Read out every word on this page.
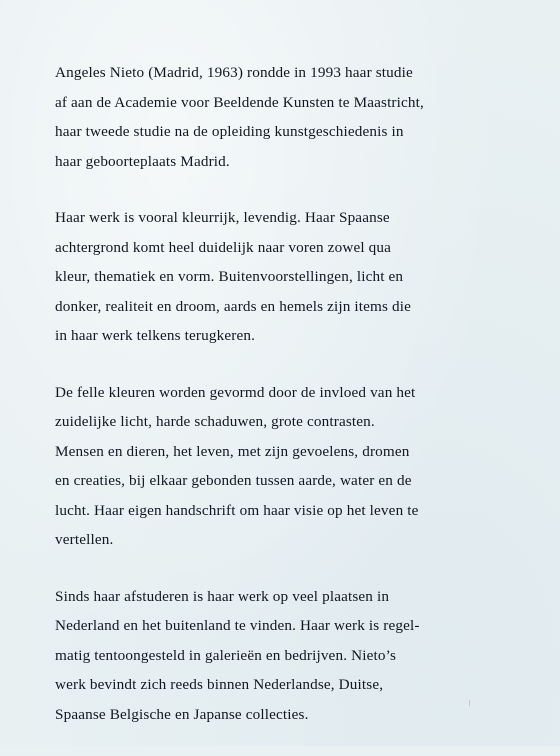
Angeles Nieto (Madrid, 1963) rondde in 1993 haar studie
af aan de Academie voor Beeldende Kunsten te Maastricht,
haar tweede studie na de opleiding kunstgeschiedenis in
haar geboorteplaats Madrid.

Haar werk is vooral kleurrijk, levendig. Haar Spaanse
achtergrond komt heel duidelijk naar voren zowel qua
kleur, thematiek en vorm. Buitenvoorstellingen, licht en
donker, realiteit en droom, aards en hemels zijn items die
in haar werk telkens terugkeren.

De felle kleuren worden gevormd door de invloed van het
zuidelijke licht, harde schaduwen, grote contrasten.
Mensen en dieren, het leven, met zijn gevoelens, dromen
en creaties, bij elkaar gebonden tussen aarde, water en de
lucht. Haar eigen handschrift om haar visie op het leven te
vertellen.

Sinds haar afstuderen is haar werk op veel plaatsen in
Nederland en het buitenland te vinden. Haar werk is regel-
matig tentoongesteld in galerieën en bedrijven. Nieto’s
werk bevindt zich reeds binnen Nederlandse, Duitse,
Spaanse Belgische en Japanse collecties.
